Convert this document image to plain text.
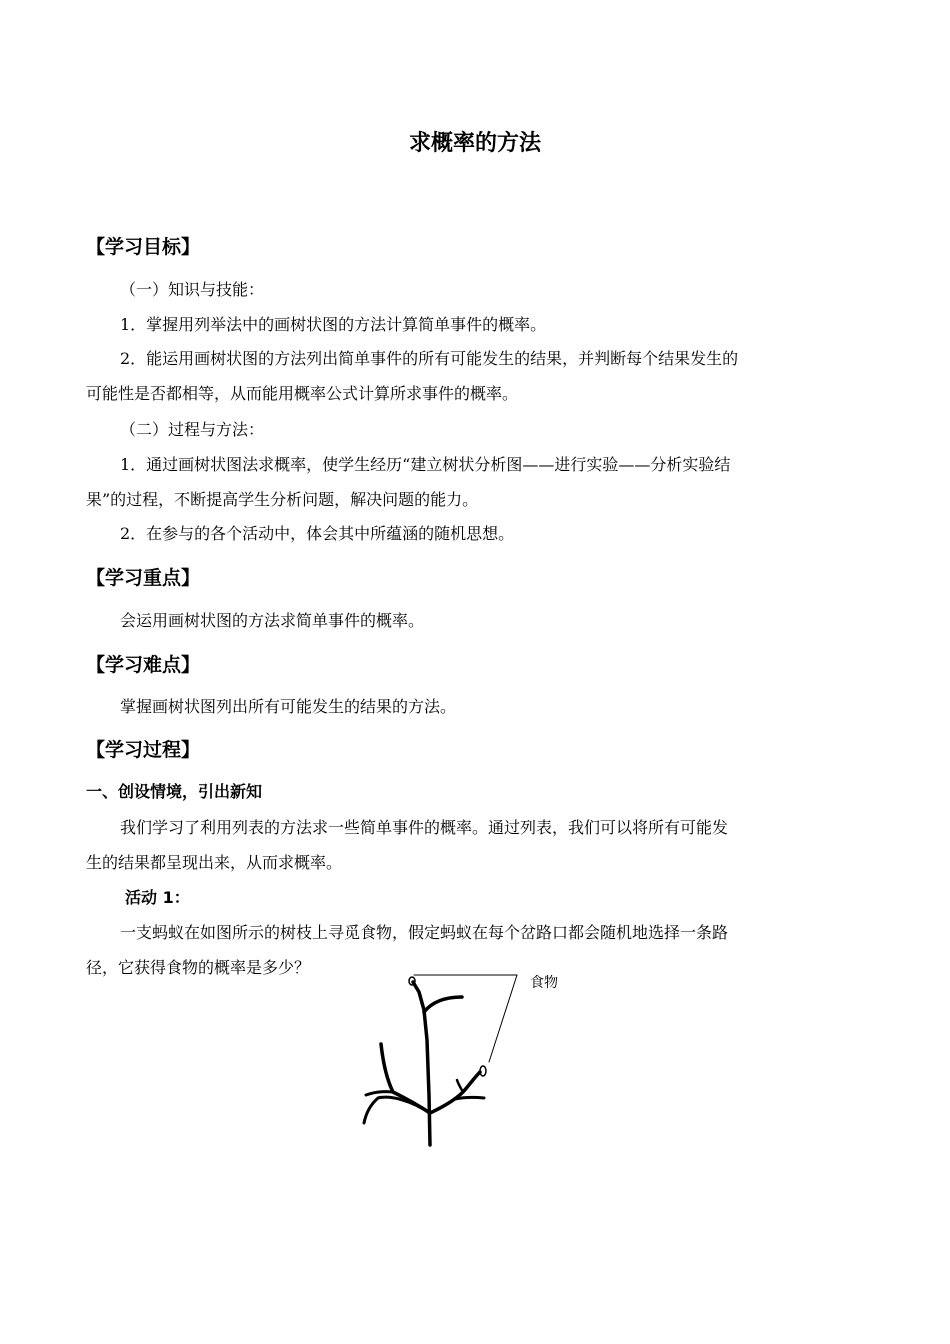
求概率的方法
【学习目标】
（一）知识与技能：
1．掌握用列举法中的画树状图的方法计算简单事件的概率。
2．能运用画树状图的方法列出简单事件的所有可能发生的结果，并判断每个结果发生的
可能性是否都相等，从而能用概率公式计算所求事件的概率。
（二）过程与方法：
1．通过画树状图法求概率，使学生经历“建立树状分析图——进行实验——分析实验结
果”的过程，不断提高学生分析问题，解决问题的能力。
2．在参与的各个活动中，体会其中所蕴涵的随机思想。
【学习重点】
会运用画树状图的方法求简单事件的概率。
【学习难点】
掌握画树状图列出所有可能发生的结果的方法。
【学习过程】
一、创设情境，引出新知
我们学习了利用列表的方法求一些简单事件的概率。通过列表，我们可以将所有可能发
生的结果都呈现出来，从而求概率。
活动 1：
一支蚂蚁在如图所示的树枝上寻觅食物，假定蚂蚁在每个岔路口都会随机地选择一条路
径，它获得食物的概率是多少？
食物
